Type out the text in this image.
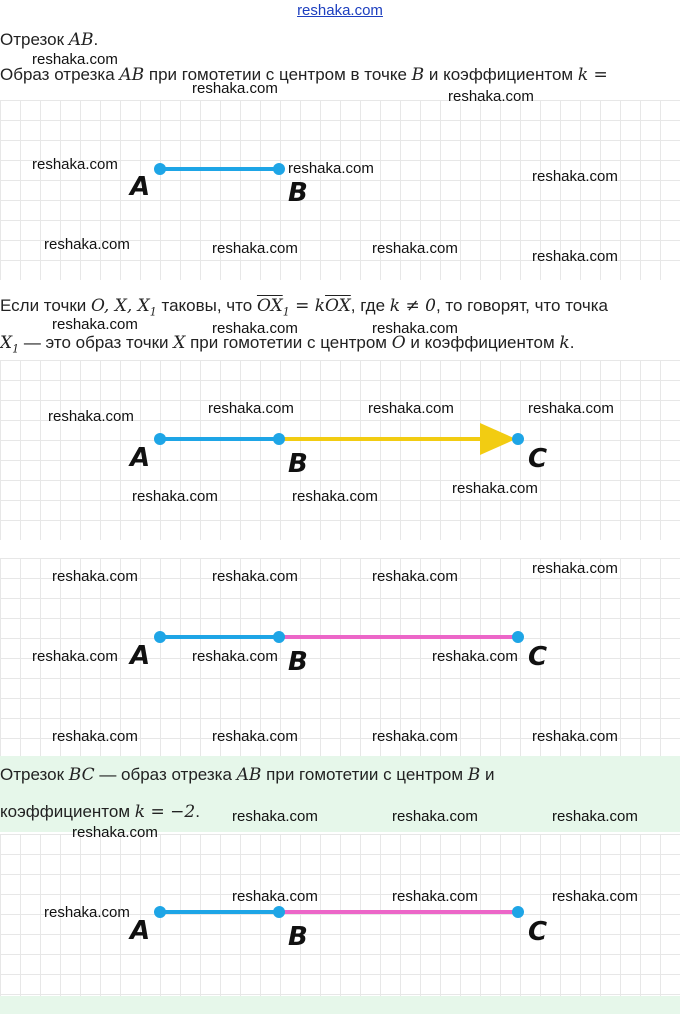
reshaka.com
Отрезок AB.
Образ отрезка AB при гомотетии с центром в точке B и коэффициентом k =
Если точки O, X, $X_1$ таковы, что $\overline{OX}_1 = k\overline{OX}$, где k ≠ 0, то говорят, что точка
$X_1$ — это образ точки X при гомотетии с центром O и коэффициентом k.
Отрезок BC — образ отрезка AB при гомотетии с центром B и
коэффициентом k = −2.
A	B
A	B	C
A	B	C
A	B	C
reshaka.com
reshaka.com	reshaka.com
reshaka.com	reshaka.com	reshaka.com
reshaka.com	reshaka.com	reshaka.com	reshaka.com
reshaka.com	reshaka.com	reshaka.com
reshaka.com	reshaka.com	reshaka.com	reshaka.com
reshaka.com	reshaka.com	reshaka.com
reshaka.com	reshaka.com	reshaka.com	reshaka.com
reshaka.com	reshaka.com	reshaka.com
reshaka.com	reshaka.com	reshaka.com	reshaka.com
reshaka.com	reshaka.com	reshaka.com
reshaka.com
reshaka.com	reshaka.com	reshaka.com
reshaka.com
